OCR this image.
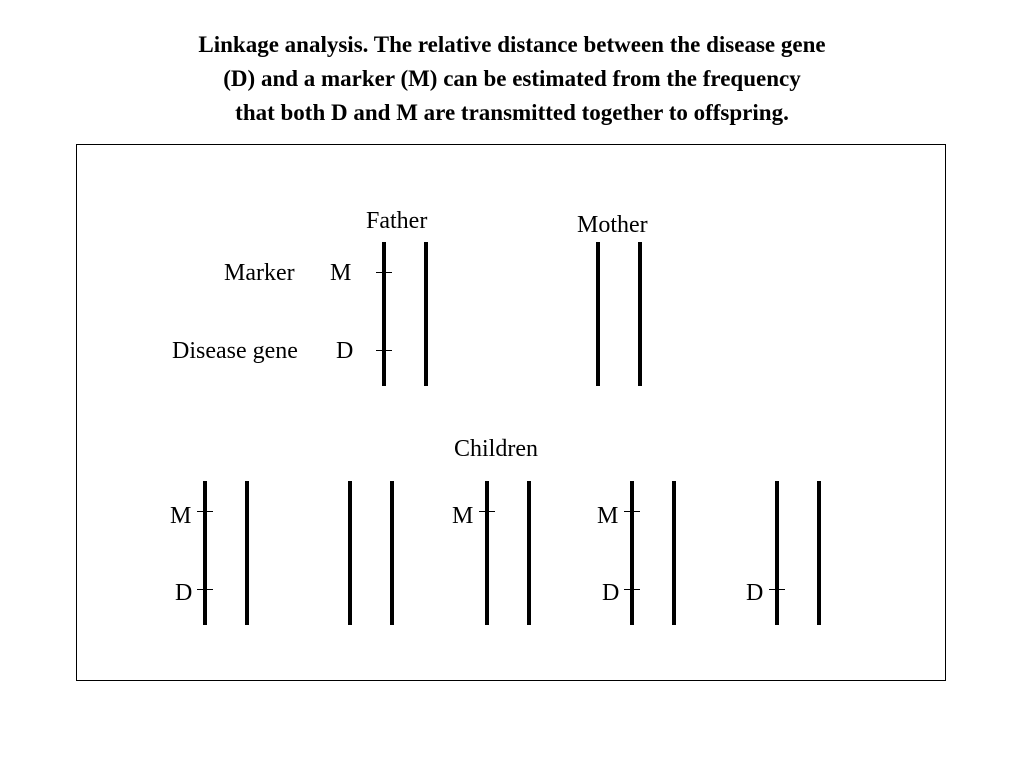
Linkage analysis. The relative distance between the disease gene
(D) and a marker (M) can be estimated from the frequency
that both D and M are transmitted together to offspring.
Father	Mother
Marker M
Disease gene D
Children
M
D
M	M
D	D
